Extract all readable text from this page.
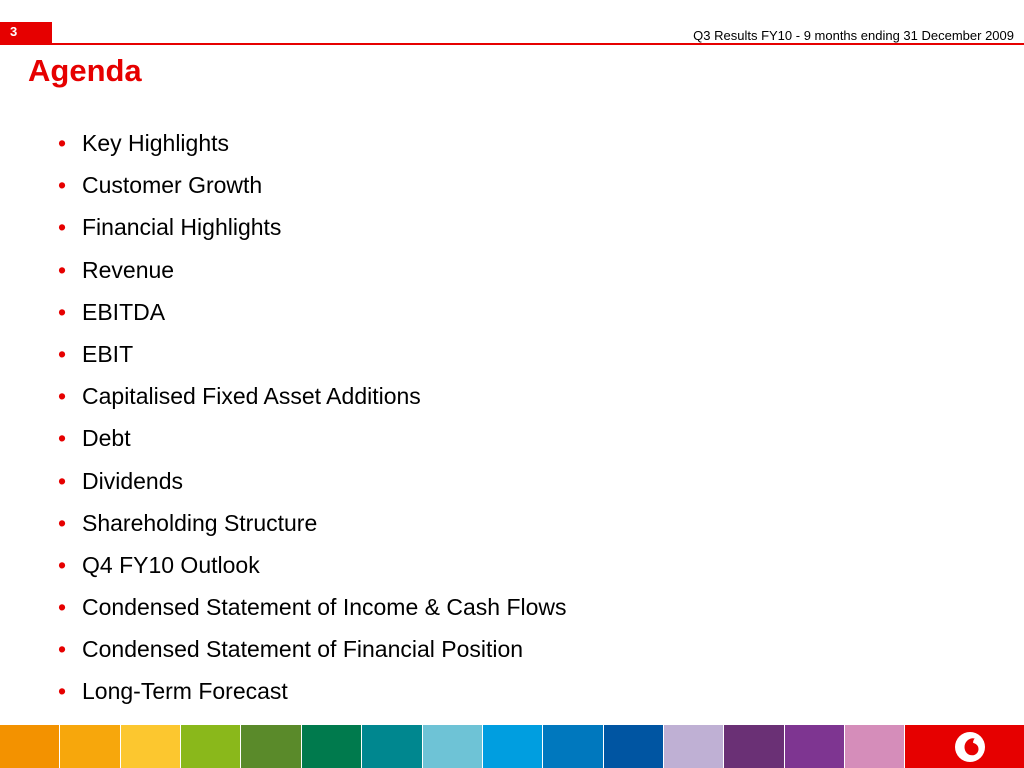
3	Q3 Results FY10 - 9 months ending 31 December 2009
Agenda
• Key Highlights
• Customer Growth
• Financial Highlights
• Revenue
• EBITDA
• EBIT
• Capitalised Fixed Asset Additions
• Debt
• Dividends
• Shareholding Structure
• Q4 FY10 Outlook
• Condensed Statement of Income & Cash Flows
• Condensed Statement of Financial Position
• Long-Term Forecast
